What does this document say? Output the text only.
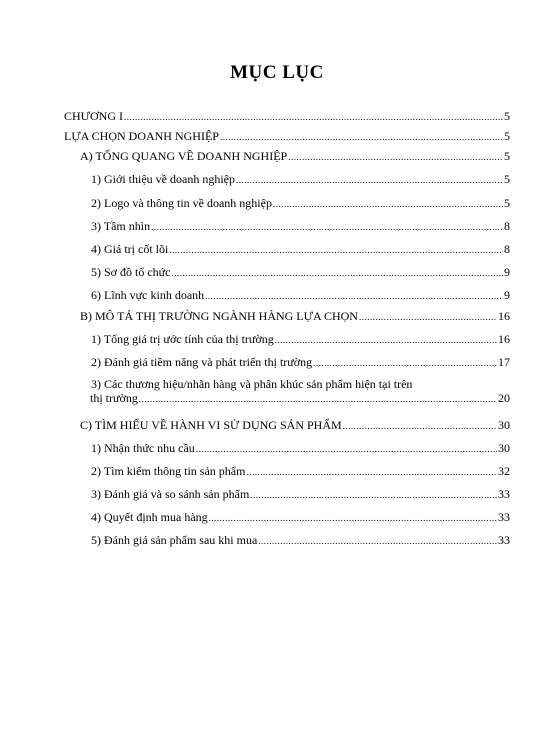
MỤC LỤC
CHƯƠNG I .....	5
LỰA CHỌN DOANH NGHIỆP .....	5
A) TỔNG QUANG VỀ DOANH NGHIỆP .....	5
1) Giới thiệu về doanh nghiệp .....	5
2) Logo và thông tin về doanh nghiệp .....	5
3) Tầm nhìn .....	8
4) Giá trị cốt lõi .....	8
5) Sơ đồ tổ chức .....	9
6) Lĩnh vực kinh doanh .....	9
B) MÔ TẢ THỊ TRƯỜNG NGÀNH HÀNG LỰA CHỌN .....	16
1) Tổng giá trị ước tính của thị trường .....	16
2) Đánh giá tiềm năng và phát triển thị trường .....	17
3) Các thương hiệu/nhãn hàng và phân khúc sản phẩm hiện tại trên
thị trường .....	20
C) TÌM HIỂU VỀ HÀNH VI SỬ DỤNG SẢN PHẨM .....	30
1) Nhận thức nhu cầu .....	30
2) Tìm kiếm thông tin sản phẩm .....	32
3) Đánh giá và so sánh sản phẩm .....	33
4) Quyết định mua hàng .....	33
5) Đánh giá sản phẩm sau khi mua .....	33
